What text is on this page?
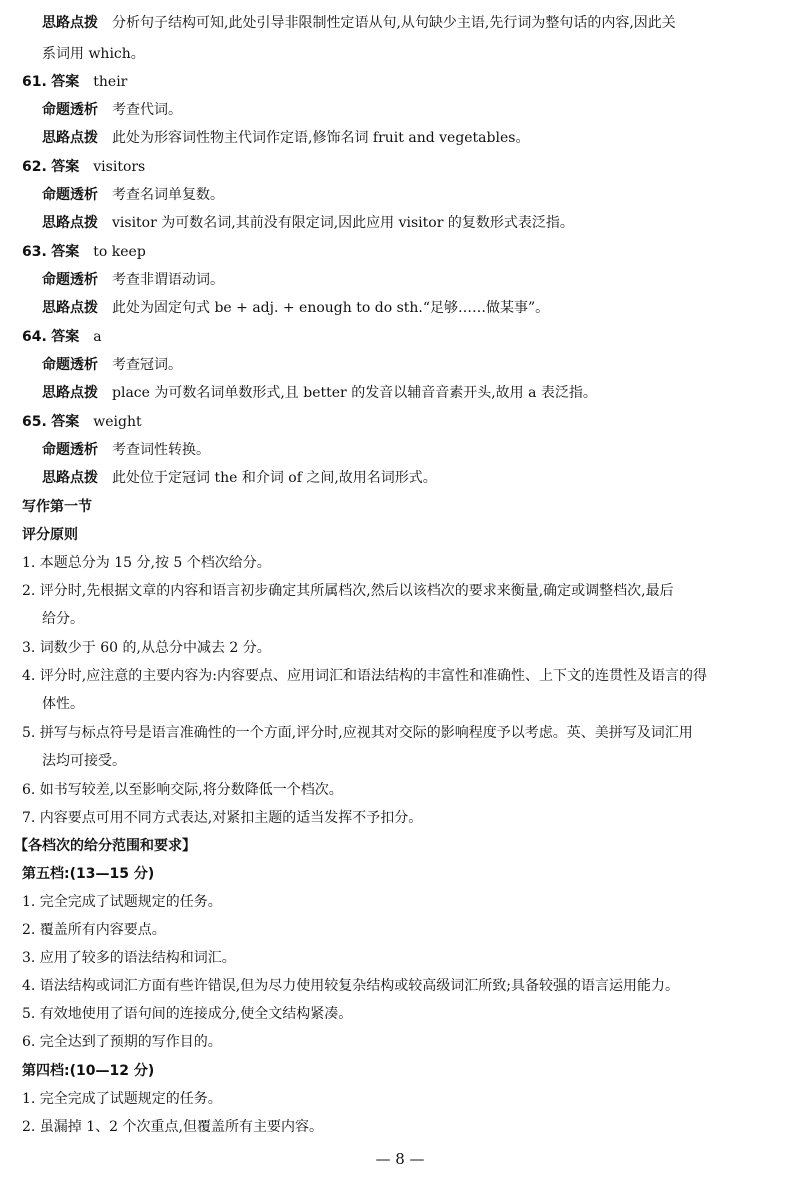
思路点拨 分析句子结构可知,此处引导非限制性定语从句,从句缺少主语,先行词为整句话的内容,因此关
系词用 which。
61. 答案 their
命题透析 考查代词。
思路点拨 此处为形容词性物主代词作定语,修饰名词 fruit and vegetables。
62. 答案 visitors
命题透析 考查名词单复数。
思路点拨 visitor 为可数名词,其前没有限定词,因此应用 visitor 的复数形式表泛指。
63. 答案 to keep
命题透析 考查非谓语动词。
思路点拨 此处为固定句式 be + adj. + enough to do sth.“足够……做某事”。
64. 答案 a
命题透析 考查冠词。
思路点拨 place 为可数名词单数形式,且 better 的发音以辅音音素开头,故用 a 表泛指。
65. 答案 weight
命题透析 考查词性转换。
思路点拨 此处位于定冠词 the 和介词 of 之间,故用名词形式。
写作第一节
评分原则
1. 本题总分为 15 分,按 5 个档次给分。
2. 评分时,先根据文章的内容和语言初步确定其所属档次,然后以该档次的要求来衡量,确定或调整档次,最后
给分。
3. 词数少于 60 的,从总分中减去 2 分。
4. 评分时,应注意的主要内容为:内容要点、应用词汇和语法结构的丰富性和准确性、上下文的连贯性及语言的得
体性。
5. 拼写与标点符号是语言准确性的一个方面,评分时,应视其对交际的影响程度予以考虑。英、美拼写及词汇用
法均可接受。
6. 如书写较差,以至影响交际,将分数降低一个档次。
7. 内容要点可用不同方式表达,对紧扣主题的适当发挥不予扣分。
【各档次的给分范围和要求】
第五档:(13—15 分)
1. 完全完成了试题规定的任务。
2. 覆盖所有内容要点。
3. 应用了较多的语法结构和词汇。
4. 语法结构或词汇方面有些许错误,但为尽力使用较复杂结构或较高级词汇所致;具备较强的语言运用能力。
5. 有效地使用了语句间的连接成分,使全文结构紧凑。
6. 完全达到了预期的写作目的。
第四档:(10—12 分)
1. 完全完成了试题规定的任务。
2. 虽漏掉 1、2 个次重点,但覆盖所有主要内容。
— 8 —
